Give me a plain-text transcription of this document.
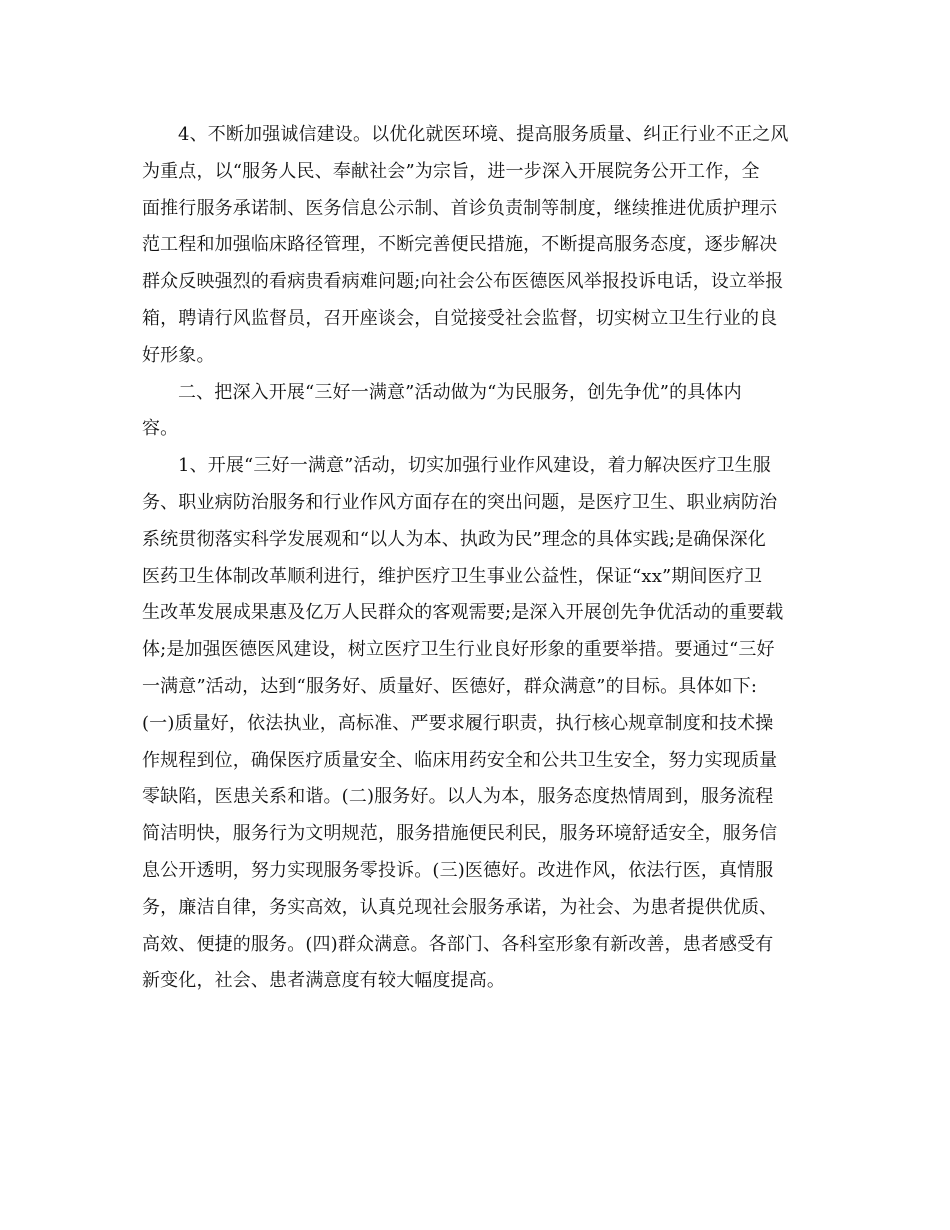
4、不断加强诚信建设。以优化就医环境、提高服务质量、纠正行业不正之风
为重点，以“服务人民、奉献社会”为宗旨，进一步深入开展院务公开工作，全
面推行服务承诺制、医务信息公示制、首诊负责制等制度，继续推进优质护理示
范工程和加强临床路径管理，不断完善便民措施，不断提高服务态度，逐步解决
群众反映强烈的看病贵看病难问题;向社会公布医德医风举报投诉电话，设立举报
箱，聘请行风监督员，召开座谈会，自觉接受社会监督，切实树立卫生行业的良
好形象。
二、把深入开展“三好一满意”活动做为“为民服务，创先争优”的具体内
容。
1、开展“三好一满意”活动，切实加强行业作风建设，着力解决医疗卫生服
务、职业病防治服务和行业作风方面存在的突出问题，是医疗卫生、职业病防治
系统贯彻落实科学发展观和“以人为本、执政为民”理念的具体实践;是确保深化
医药卫生体制改革顺利进行，维护医疗卫生事业公益性，保证“xx”期间医疗卫
生改革发展成果惠及亿万人民群众的客观需要;是深入开展创先争优活动的重要载
体;是加强医德医风建设，树立医疗卫生行业良好形象的重要举措。要通过“三好
一满意”活动，达到“服务好、质量好、医德好，群众满意”的目标。具体如下:
(一)质量好，依法执业，高标准、严要求履行职责，执行核心规章制度和技术操
作规程到位，确保医疗质量安全、临床用药安全和公共卫生安全，努力实现质量
零缺陷，医患关系和谐。(二)服务好。以人为本，服务态度热情周到，服务流程
简洁明快，服务行为文明规范，服务措施便民利民，服务环境舒适安全，服务信
息公开透明，努力实现服务零投诉。(三)医德好。改进作风，依法行医，真情服
务，廉洁自律，务实高效，认真兑现社会服务承诺，为社会、为患者提供优质、
高效、便捷的服务。(四)群众满意。各部门、各科室形象有新改善，患者感受有
新变化，社会、患者满意度有较大幅度提高。
